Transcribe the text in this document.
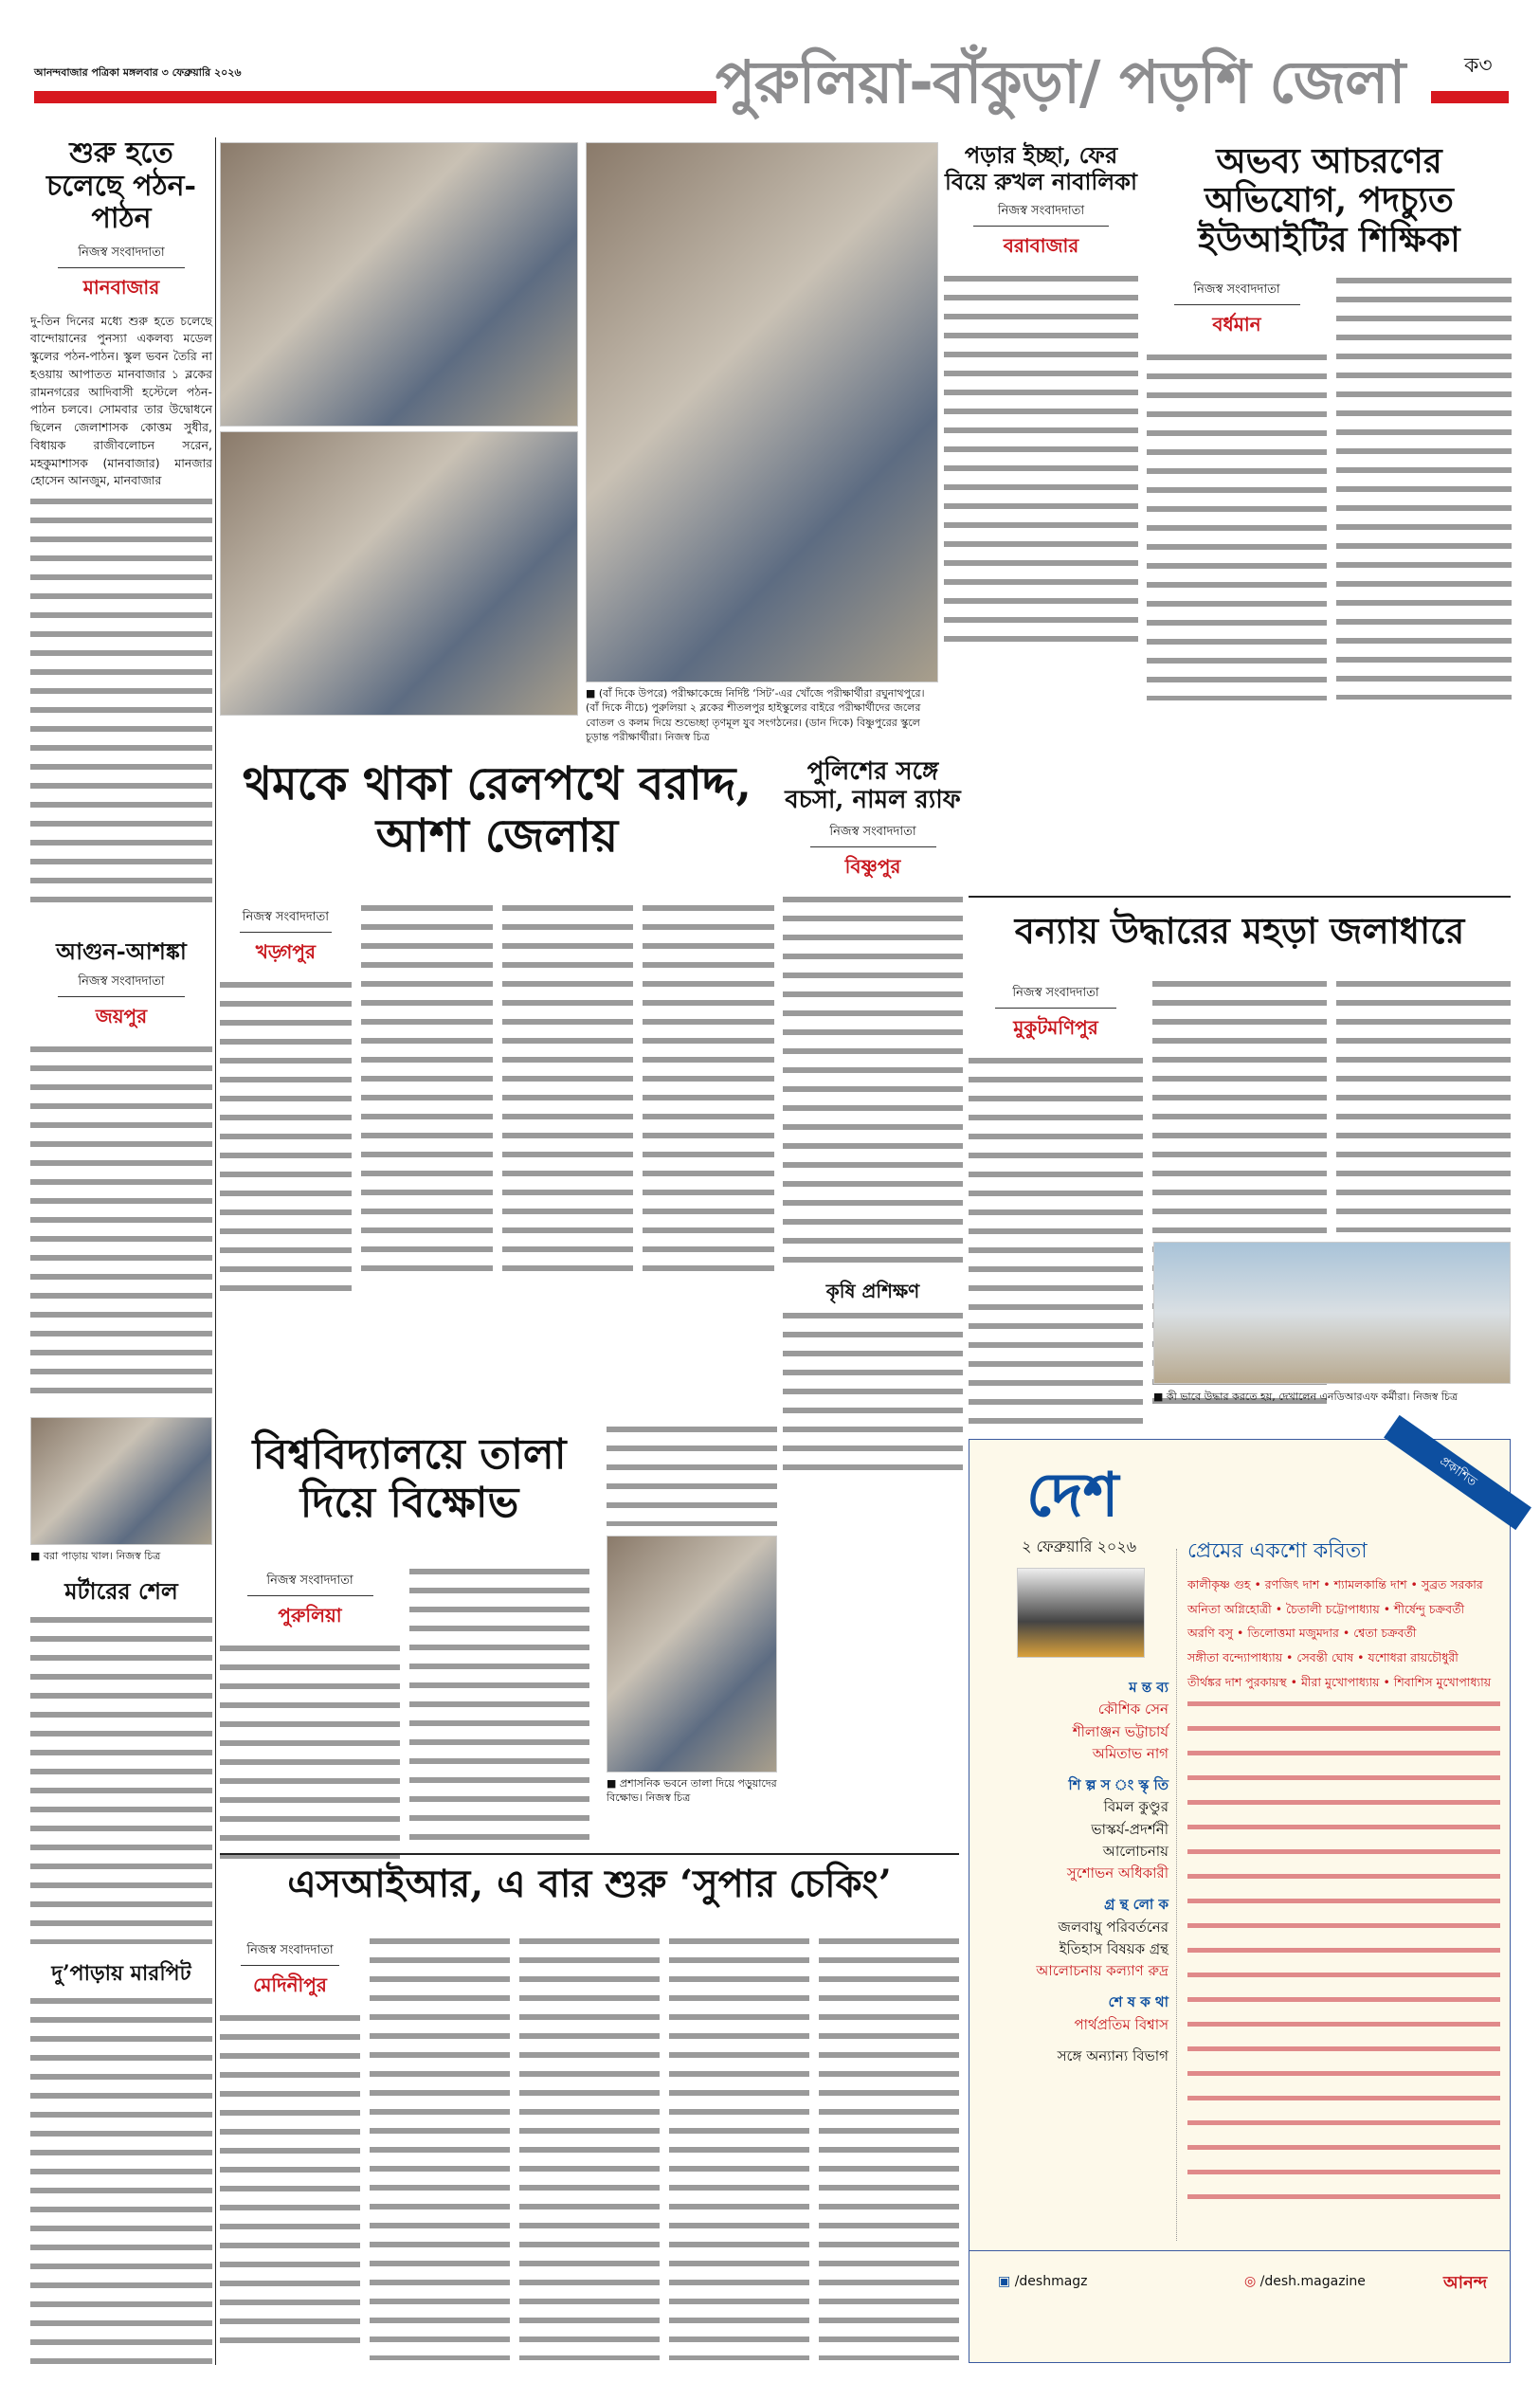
আনন্দবাজার পত্রিকা মঙ্গলবার ৩ ফেব্রুয়ারি ২০২৬	পুরুলিয়া-বাঁকুড়া/ পড়শি জেলা	ক৩
শুরু হতে চলেছে পঠন-পাঠন
নিজস্ব সংবাদদাতা
মানবাজার
দু-তিন দিনের মধ্যে শুরু হতে চলেছে বান্দোয়ানের পুনস্যা একলব্য মডেল স্কুলের পঠন-পাঠন। স্কুল ভবন তৈরি না হওয়ায় আপাতত মানবাজার ১ ব্লকের রামনগরের আদিবাসী হস্টেলে পঠন-পাঠন চলবে। সোমবার তার উদ্বোধনে ছিলেন জেলাশাসক কোত্তম সুধীর, বিধায়ক রাজীবলোচন সরেন, মহকুমাশাসক (মানবাজার) মানজার হোসেন আনজুম, মানবাজার
আগুন-আশঙ্কা
নিজস্ব সংবাদদাতা
জয়পুর
■ বরা পাড়ায় খাল। নিজস্ব চিত্র
মর্টারের শেল
দু’পাড়ায় মারপিট
■ (বাঁ দিকে উপরে) পরীক্ষাকেন্দ্রে নির্দিষ্ট ‘সিট’-এর খোঁজে পরীক্ষার্থীরা রঘুনাথপুরে। (বাঁ দিকে নীচে) পুরুলিয়া ২ ব্লকের শীতলপুর হাইস্কুলের বাইরে পরীক্ষার্থীদের জলের বোতল ও কলম দিয়ে শুভেচ্ছা তৃণমূল যুব সংগঠনের। (ডান দিকে) বিষ্ণুপুরের স্কুলে চূড়ান্ত পরীক্ষার্থীরা। নিজস্ব চিত্র
পড়ার ইচ্ছা, ফের বিয়ে রুখল নাবালিকা
নিজস্ব সংবাদদাতা
বরাবাজার
অভব্য আচরণের অভিযোগ, পদচ্যুত ইউআইটির শিক্ষিকা
নিজস্ব সংবাদদাতা
বর্ধমান
থমকে থাকা রেলপথে বরাদ্দ, আশা জেলায়
নিজস্ব সংবাদদাতা
খড়্গপুর
পুলিশের সঙ্গে বচসা, নামল র‍্যাফ
নিজস্ব সংবাদদাতা
বিষ্ণুপুর
কৃষি প্রশিক্ষণ
বন্যায় উদ্ধারের মহড়া জলাধারে
নিজস্ব সংবাদদাতা
মুকুটমণিপুর
■ কী ভাবে উদ্ধার করতে হয়, দেখালেন এনডিআরএফ কর্মীরা। নিজস্ব চিত্র
বিশ্ববিদ্যালয়ে তালা দিয়ে বিক্ষোভ
নিজস্ব সংবাদদাতা
পুরুলিয়া
■ প্রশাসনিক ভবনে তালা দিয়ে পড়ুয়াদের বিক্ষোভ। নিজস্ব চিত্র
এসআইআর, এ বার শুরু ‘সুপার চেকিং’
নিজস্ব সংবাদদাতা
মেদিনীপুর
প্রকাশিত
দেশ
২ ফেব্রুয়ারি ২০২৬
ম ন্ত ব্য
কৌশিক সেন
শীলাঞ্জন ভট্টাচার্য
অমিতাভ নাগ
শি ল্প স ং স্কৃ তি
বিমল কুণ্ডুর
ভাস্কর্য-প্রদর্শনী
আলোচনায়
সুশোভন অধিকারী
গ্র ন্থ লো ক
জলবায়ু পরিবর্তনের
ইতিহাস বিষয়ক গ্রন্থ
আলোচনায় কল্যাণ রুদ্র
শে ষ ক থা
পার্থপ্রতিম বিশ্বাস
সঙ্গে অন্যান্য বিভাগ
প্রেমের একশো কবিতা
কালীকৃষ্ণ গুহ • রণজিৎ দাশ • শ্যামলকান্তি দাশ • সুব্রত সরকার
অনিতা অগ্নিহোত্রী • চৈতালী চট্টোপাধ্যায় • শীর্ষেন্দু চক্রবর্তী
অরণি বসু • তিলোত্তমা মজুমদার • শ্বেতা চক্রবর্তী
সঙ্গীতা বন্দ্যোপাধ্যায় • সেবন্তী ঘোষ • যশোধরা রায়চৌধুরী
তীর্থঙ্কর দাশ পুরকায়স্থ • মীরা মুখোপাধ্যায় • শিবাশিস মুখোপাধ্যায়
▣ /deshmagz	◎ /desh.magazine	আনন্দ
